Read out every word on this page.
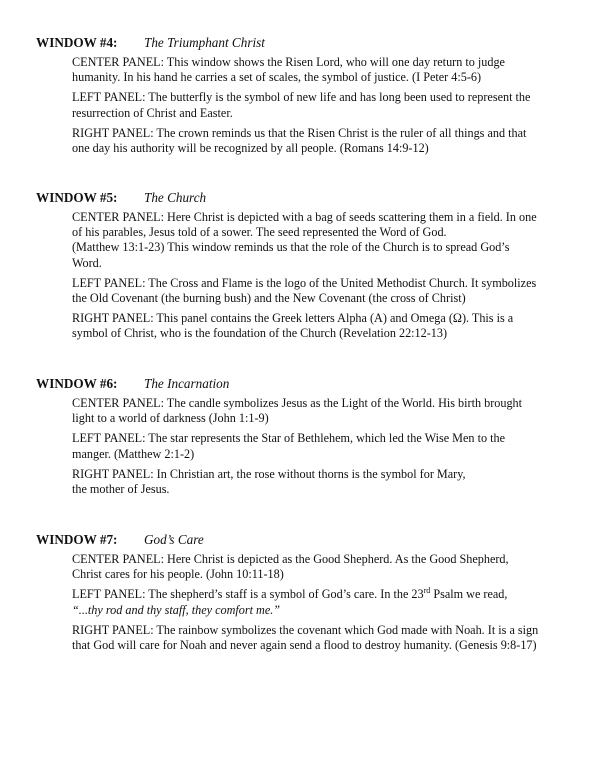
WINDOW #4: The Triumphant Christ
CENTER PANEL: This window shows the Risen Lord, who will one day return to judge
humanity. In his hand he carries a set of scales, the symbol of justice. (I Peter 4:5-6)
LEFT PANEL: The butterfly is the symbol of new life and has long been used to represent the
resurrection of Christ and Easter.
RIGHT PANEL: The crown reminds us that the Risen Christ is the ruler of all things and that
one day his authority will be recognized by all people. (Romans 14:9-12)
WINDOW #5: The Church
CENTER PANEL: Here Christ is depicted with a bag of seeds scattering them in a field. In one
of his parables, Jesus told of a sower. The seed represented the Word of God.
(Matthew 13:1-23) This window reminds us that the role of the Church is to spread God’s
Word.
LEFT PANEL: The Cross and Flame is the logo of the United Methodist Church. It symbolizes
the Old Covenant (the burning bush) and the New Covenant (the cross of Christ)
RIGHT PANEL: This panel contains the Greek letters Alpha (A) and Omega (Ω). This is a
symbol of Christ, who is the foundation of the Church (Revelation 22:12-13)
WINDOW #6: The Incarnation
CENTER PANEL: The candle symbolizes Jesus as the Light of the World. His birth brought
light to a world of darkness (John 1:1-9)
LEFT PANEL: The star represents the Star of Bethlehem, which led the Wise Men to the
manger. (Matthew 2:1-2)
RIGHT PANEL: In Christian art, the rose without thorns is the symbol for Mary,
the mother of Jesus.
WINDOW #7: God’s Care
CENTER PANEL: Here Christ is depicted as the Good Shepherd. As the Good Shepherd,
Christ cares for his people. (John 10:11-18)
LEFT PANEL: The shepherd’s staff is a symbol of God’s care. In the 23rd Psalm we read,
“...thy rod and thy staff, they comfort me.”
RIGHT PANEL: The rainbow symbolizes the covenant which God made with Noah. It is a sign
that God will care for Noah and never again send a flood to destroy humanity. (Genesis 9:8-17)
